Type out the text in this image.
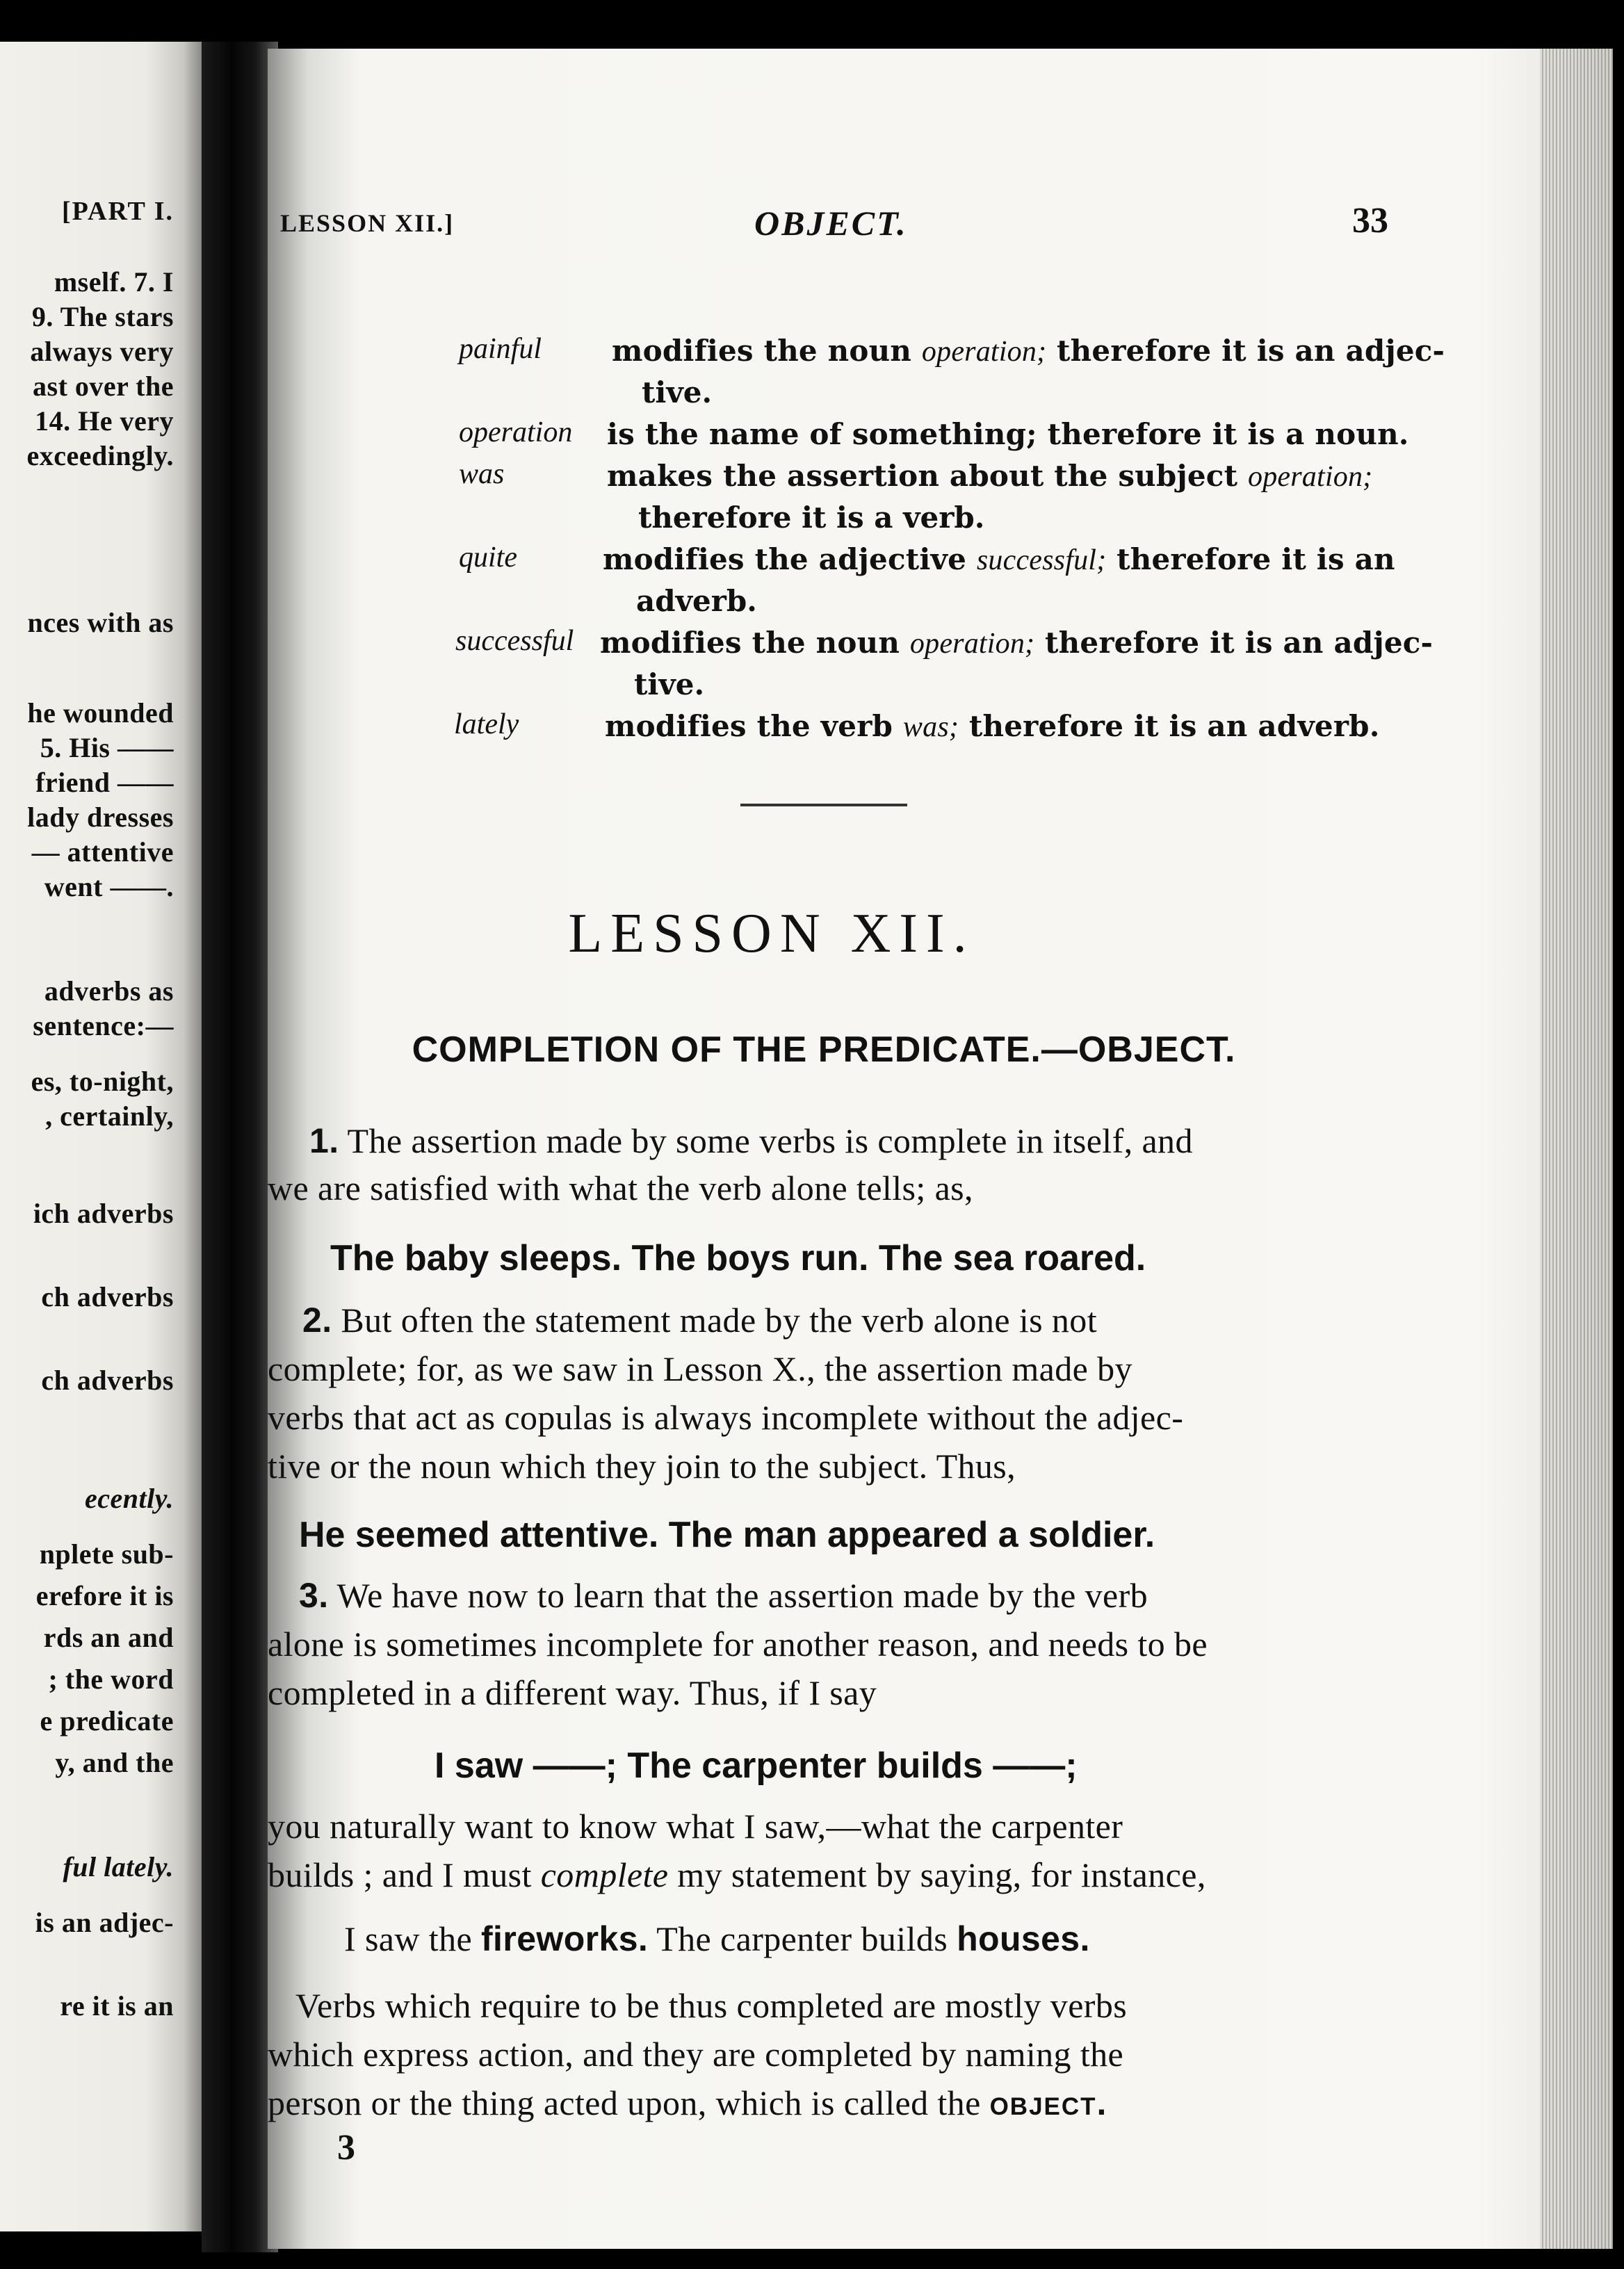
[PART I.
mself. 7. I
9. The stars
always very
ast over the
14. He very
exceedingly.
nces with as
he wounded
5. His ——
friend ——
lady dresses
— attentive
went ——.
adverbs as
sentence:—
es, to-night,
, certainly,
ich adverbs
ch adverbs
ch adverbs
ecently.
nplete sub-
erefore it is
rds an and
; the word
e predicate
y, and the
ful lately.
is an adjec-
re it is an
LESSON XII.]	OBJECT.	33
painful modifies the noun operation; therefore it is an adjec-
tive.
operation is the name of something; therefore it is a noun.
was	makes the assertion about the subject operation;
therefore it is a verb.
quite	modifies the adjective successful; therefore it is an
adverb.
successful modifies the noun operation; therefore it is an adjec-
tive.
lately	modifies the verb was; therefore it is an adverb.
LESSON XII.
COMPLETION OF THE PREDICATE.—OBJECT.
1. The assertion made by some verbs is complete in itself, and
we are satisfied with what the verb alone tells; as,
The baby sleeps. The boys run. The sea roared.
2. But often the statement made by the verb alone is not
complete; for, as we saw in Lesson X., the assertion made by
verbs that act as copulas is always incomplete without the adjec-
tive or the noun which they join to the subject. Thus,
He seemed attentive. The man appeared a soldier.
3. We have now to learn that the assertion made by the verb
alone is sometimes incomplete for another reason, and needs to be
completed in a different way. Thus, if I say
I saw ——; The carpenter builds ——;
you naturally want to know what I saw,—what the carpenter
builds ; and I must complete my statement by saying, for instance,
I saw the fireworks. The carpenter builds houses.
Verbs which require to be thus completed are mostly verbs
which express action, and they are completed by naming the
person or the thing acted upon, which is called the object.
3
